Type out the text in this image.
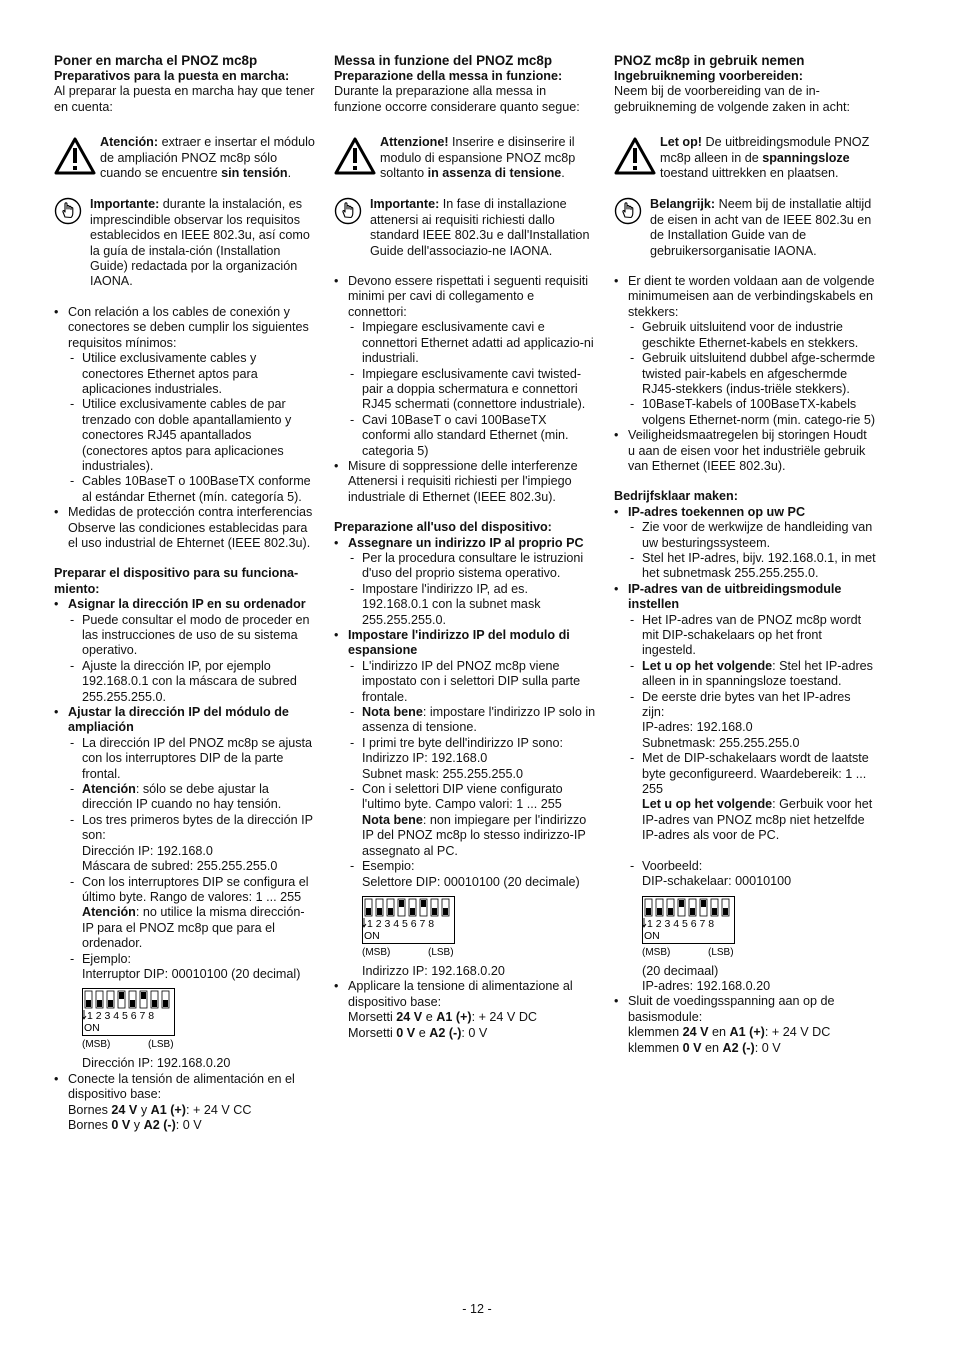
Poner en marcha el PNOZ mc8p

Preparativos para la puesta en marcha:

Al preparar la puesta en marcha hay que tener en cuenta:

Atención: extraer e insertar el módulo de ampliación PNOZ mc8p sólo cuando se encuentre sin tensión.

Importante: durante la instalación, es imprescindible observar los requisitos establecidos en IEEE 802.3u, así como la guía de instala-ción (Installation Guide) redactada por la organización IAONA.

• Con relación a los cables de conexión y conectores se deben cumplir los siguientes requisitos mínimos:
- Utilice exclusivamente cables y conectores Ethernet aptos para aplicaciones industriales.
- Utilice exclusivamente cables de par trenzado con doble apantallamiento y conectores RJ45 apantallados (conectores aptos para aplicaciones industriales).
- Cables 10BaseT o 100BaseTX conforme al estándar Ethernet (mín. categoría 5).
• Medidas de protección contra interferencias
Observe las condiciones establecidas para el uso industrial de Ehternet (IEEE 802.3u).

Preparar el dispositivo para su funciona-miento:

• Asignar la dirección IP en su ordenador
- Puede consultar el modo de proceder en las instrucciones de uso de su sistema operativo.
- Ajuste la dirección IP, por ejemplo 192.168.0.1 con la máscara de subred 255.255.255.0.
• Ajustar la dirección IP del módulo de ampliación
- La dirección IP del PNOZ mc8p se ajusta con los interruptores DIP de la parte frontal.
- Atención: sólo se debe ajustar la dirección IP cuando no hay tensión.
- Los tres primeros bytes de la dirección IP son:
Dirección IP: 192.168.0
Máscara de subred: 255.255.255.0
- Con los interruptores DIP se configura el último byte. Rango de valores: 1 ... 255
Atención: no utilice la misma dirección-IP para el PNOZ mc8p que para el ordenador.
- Ejemplo:
Interruptor DIP: 00010100 (20 decimal)
1 2 3 4 5 6 7 8
ON
(MSB)	(LSB)
Dirección IP: 192.168.0.20
• Conecte la tensión de alimentación en el dispositivo base:
Bornes 24 V y A1 (+): + 24 V CC
Bornes 0 V y A2 (-): 0 V

Messa in funzione del PNOZ mc8p

Preparazione della messa in funzione:

Durante la preparazione alla messa in funzione occorre considerare quanto segue:

Attenzione! Inserire e disinserire il modulo di espansione PNOZ mc8p soltanto in assenza di tensione.

Importante: In fase di installazione attenersi ai requisiti richiesti dallo standard IEEE 802.3u e dall'Installation Guide dell'associazio-ne IAONA.

• Devono essere rispettati i seguenti requisiti minimi per cavi di collegamento e connettori:
- Impiegare esclusivamente cavi e connettori Ethernet adatti ad applicazio-ni industriali.
- Impiegare esclusivamente cavi twisted-pair a doppia schermatura e connettori RJ45 schermati (connettore industriale).
- Cavi 10BaseT o cavi 100BaseTX conformi allo standard Ethernet (min. categoria 5)
• Misure di soppressione delle interferenze Attenersi i requisiti richiesti per l'impiego industriale di Ethernet (IEEE 802.3u).

Preparazione all'uso del dispositivo:

• Assegnare un indirizzo IP al proprio PC
- Per la procedura consultare le istruzioni d'uso del proprio sistema operativo.
- Impostare l'indirizzo IP, ad es. 192.168.0.1 con la subnet mask 255.255.255.0.
• Impostare l'indirizzo IP del modulo di espansione
- L'indirizzo IP del PNOZ mc8p viene impostato con i selettori DIP sulla parte frontale.
- Nota bene: impostare l'indirizzo IP solo in assenza di tensione.
- I primi tre byte dell'indirizzo IP sono:
Indirizzo IP: 192.168.0
Subnet mask: 255.255.255.0
- Con i selettori DIP viene configurato l'ultimo byte. Campo valori: 1 ... 255
Nota bene: non impiegare per l'indirizzo IP del PNOZ mc8p lo stesso indirizzo-IP assegnato al PC.
- Esempio:
Selettore DIP: 00010100 (20 decimale)
1 2 3 4 5 6 7 8
ON
(MSB)	(LSB)
Indirizzo IP: 192.168.0.20
• Applicare la tensione di alimentazione al dispositivo base:
Morsetti 24 V e A1 (+): + 24 V DC
Morsetti 0 V e A2 (-): 0 V

PNOZ mc8p in gebruik nemen

Ingebruikneming voorbereiden:

Neem bij de voorbereiding van de in-gebruikneming de volgende zaken in acht:

Let op! De uitbreidingsmodule PNOZ mc8p alleen in de spanningsloze toestand uittrekken en plaatsen.

Belangrijk: Neem bij de installatie altijd de eisen in acht van de IEEE 802.3u en de Installation Guide van de gebruikersorganisatie IAONA.

• Er dient te worden voldaan aan de volgende minimumeisen aan de verbindingskabels en stekkers:
- Gebruik uitsluitend voor de industrie geschikte Ethernet-kabels en stekkers.
- Gebruik uitsluitend dubbel afge-schermde twisted pair-kabels en afgeschermde RJ45-stekkers (indus-triële stekkers).
- 10BaseT-kabels of 100BaseTX-kabels volgens Ethernet-norm (min. catego-rie 5)
• Veiligheidsmaatregelen bij storingen Houdt u aan de eisen voor het industriële gebruik van Ethernet (IEEE 802.3u).

Bedrijfsklaar maken:

• IP-adres toekennen op uw PC
- Zie voor de werkwijze de handleiding van uw besturingssysteem.
- Stel het IP-adres, bijv. 192.168.0.1, in met het subnetmask 255.255.255.0.
• IP-adres van de uitbreidingsmodule instellen
- Het IP-adres van de PNOZ mc8p wordt mit DIP-schakelaars op het front ingesteld.
- Let u op het volgende: Stel het IP-adres alleen in in spanningsloze toestand.
- De eerste drie bytes van het IP-adres zijn:
IP-adres: 192.168.0
Subnetmask: 255.255.255.0
- Met de DIP-schakelaars wordt de laatste byte geconfigureerd. Waardebereik: 1 ... 255
Let u op het volgende: Gerbuik voor het IP-adres van PNOZ mc8p niet hetzelfde IP-adres als voor de PC.
- Voorbeeld:
DIP-schakelaar: 00010100
1 2 3 4 5 6 7 8
ON
(MSB)	(LSB)
(20 decimaal)
IP-adres: 192.168.0.20
• Sluit de voedingsspanning aan op de basismodule:
klemmen 24 V en A1 (+): + 24 V DC
klemmen 0 V en A2 (-): 0 V
- 12 -
